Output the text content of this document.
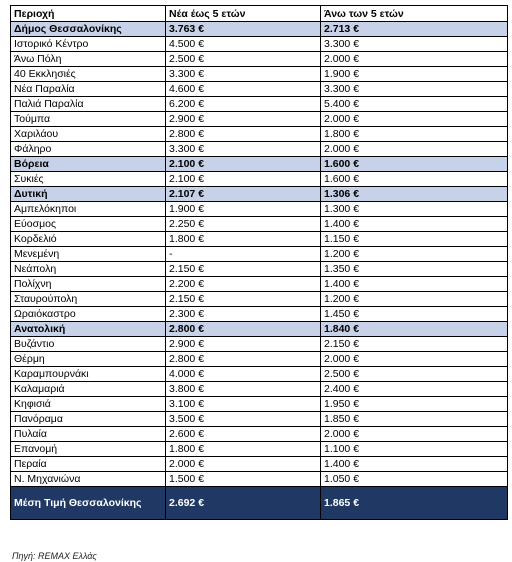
Περιοχή	Νέα έως 5 ετών	Άνω των 5 ετών
Δήμος Θεσσαλονίκης	3.763 €	2.713 €
Ιστορικό Κέντρο	4.500 €	3.300 €
Άνω Πόλη	2.500 €	2.000 €
40 Εκκλησιές	3.300 €	1.900 €
Νέα Παραλία	4.600 €	3.300 €
Παλιά Παραλία	6.200 €	5.400 €
Τούμπα	2.900 €	2.000 €
Χαριλάου	2.800 €	1.800 €
Φάληρο	3.300 €	2.000 €
Βόρεια	2.100 €	1.600 €
Συκιές	2.100 €	1.600 €
Δυτική	2.107 €	1.306 €
Αμπελόκηποι	1.900 €	1.300 €
Εύοσμος	2.250 €	1.400 €
Κορδελιό	1.800 €	1.150 €
Μενεμένη	-	1.200 €
Νεάπολη	2.150 €	1.350 €
Πολίχνη	2.200 €	1.400 €
Σταυρούπολη	2.150 €	1.200 €
Ωραιόκαστρο	2.300 €	1.450 €
Ανατολική	2.800 €	1.840 €
Βυζάντιο	2.900 €	2.150 €
Θέρμη	2.800 €	2.000 €
Καραμπουρνάκι	4.000 €	2.500 €
Καλαμαριά	3.800 €	2.400 €
Κηφισιά	3.100 €	1.950 €
Πανόραμα	3.500 €	1.850 €
Πυλαία	2.600 €	2.000 €
Επανομή	1.800 €	1.100 €
Περαία	2.000 €	1.400 €
Ν. Μηχανιώνα	1.500 €	1.050 €
Μέση Τιμή Θεσσαλονίκης	2.692 €	1.865 €
Πηγή: REMAX Ελλάς
